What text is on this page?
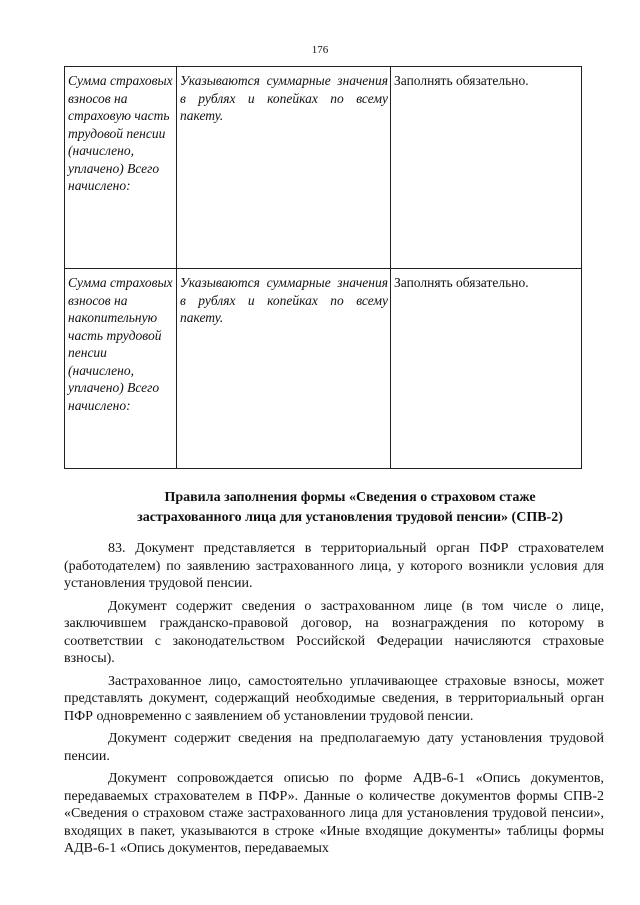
176
Сумма страховых взносов на страховую часть трудовой пенсии (начислено, уплачено) Всего начислено:	Указываются суммарные значения в рублях и копейках по всему пакету.	Заполнять обязательно.
Сумма страховых взносов на накопительную часть трудовой пенсии (начислено, уплачено) Всего начислено:	Указываются суммарные значения в рублях и копейках по всему пакету.	Заполнять обязательно.
Правила заполнения формы «Сведения о страховом стаже
застрахованного лица для установления трудовой пенсии» (СПВ-2)

83. Документ представляется в территориальный орган ПФР страхователем (работодателем) по заявлению застрахованного лица, у которого возникли условия для установления трудовой пенсии.

Документ содержит сведения о застрахованном лице (в том числе о лице, заключившем гражданско-правовой договор, на вознаграждения по которому в соответствии с законодательством Российской Федерации начисляются страховые взносы).

Застрахованное лицо, самостоятельно уплачивающее страховые взносы, может представлять документ, содержащий необходимые сведения, в территориальный орган ПФР одновременно с заявлением об установлении трудовой пенсии.

Документ содержит сведения на предполагаемую дату установления трудовой пенсии.

Документ сопровождается описью по форме АДВ-6-1 «Опись документов, передаваемых страхователем в ПФР». Данные о количестве документов формы СПВ-2 «Сведения о страховом стаже застрахованного лица для установления трудовой пенсии», входящих в пакет, указываются в строке «Иные входящие документы» таблицы формы АДВ-6-1 «Опись документов, передаваемых
